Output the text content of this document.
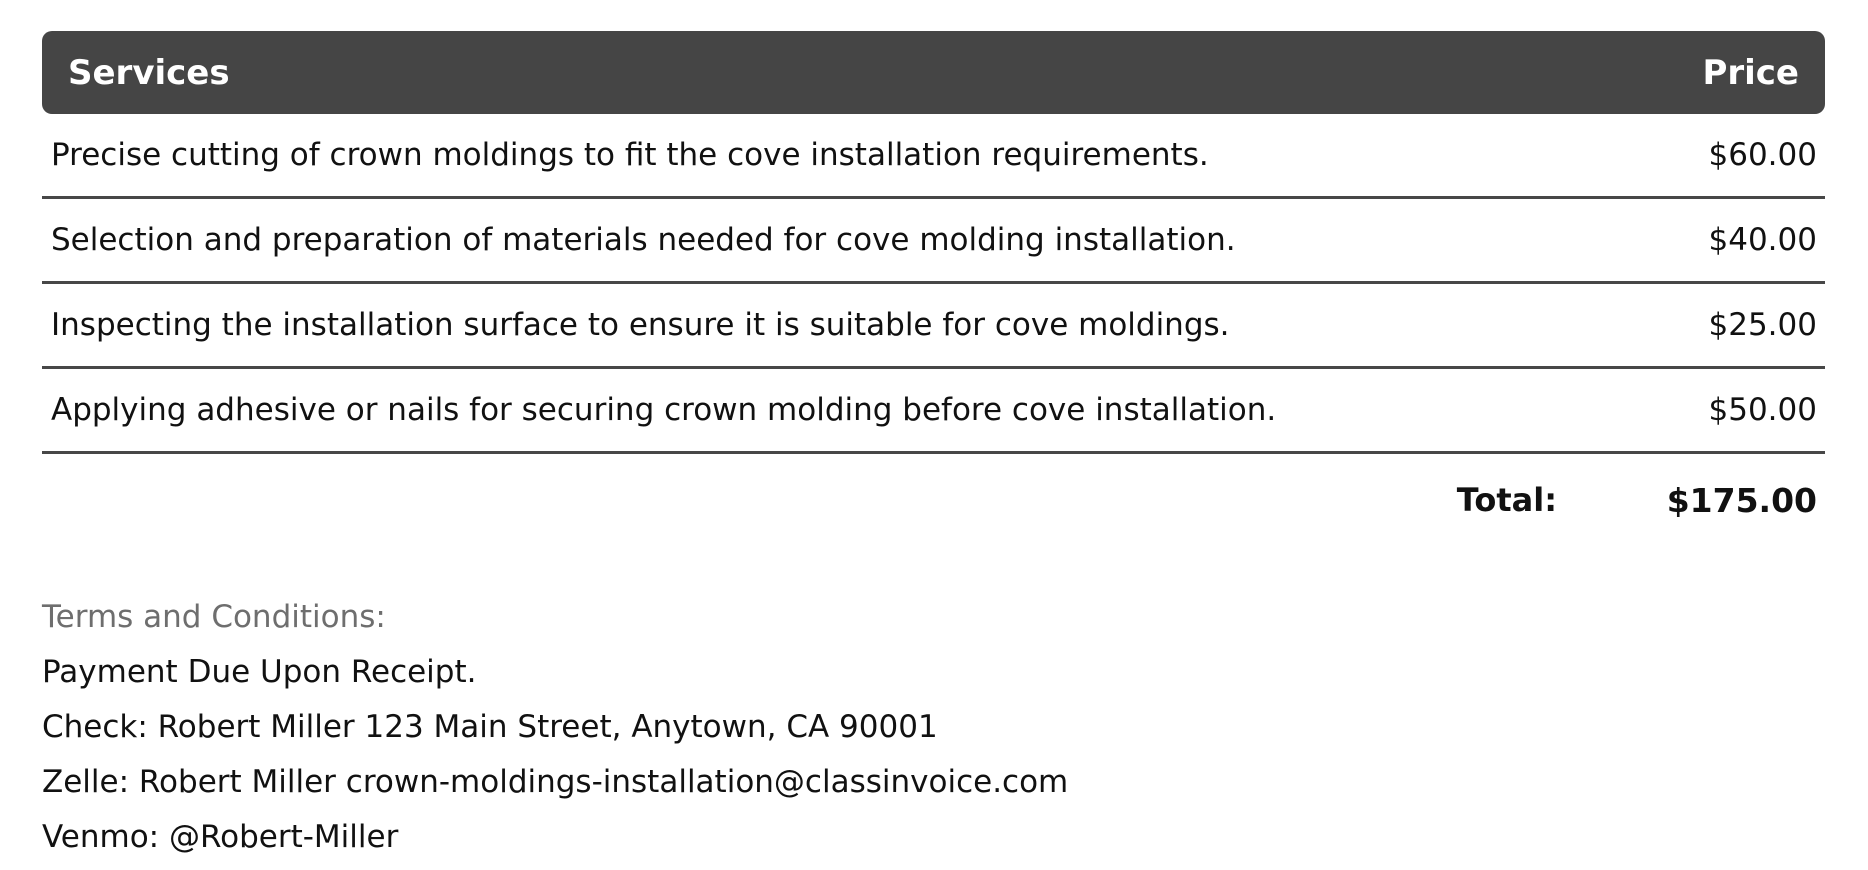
Services	Price
Precise cutting of crown moldings to fit the cove installation requirements.	$60.00
Selection and preparation of materials needed for cove molding installation.	$40.00
Inspecting the installation surface to ensure it is suitable for cove moldings.	$25.00
Applying adhesive or nails for securing crown molding before cove installation.	$50.00
Total:	$175.00
Terms and Conditions:
Payment Due Upon Receipt.
Check: Robert Miller 123 Main Street, Anytown, CA 90001
Zelle: Robert Miller crown-moldings-installation@classinvoice.com
Venmo: @Robert-Miller
